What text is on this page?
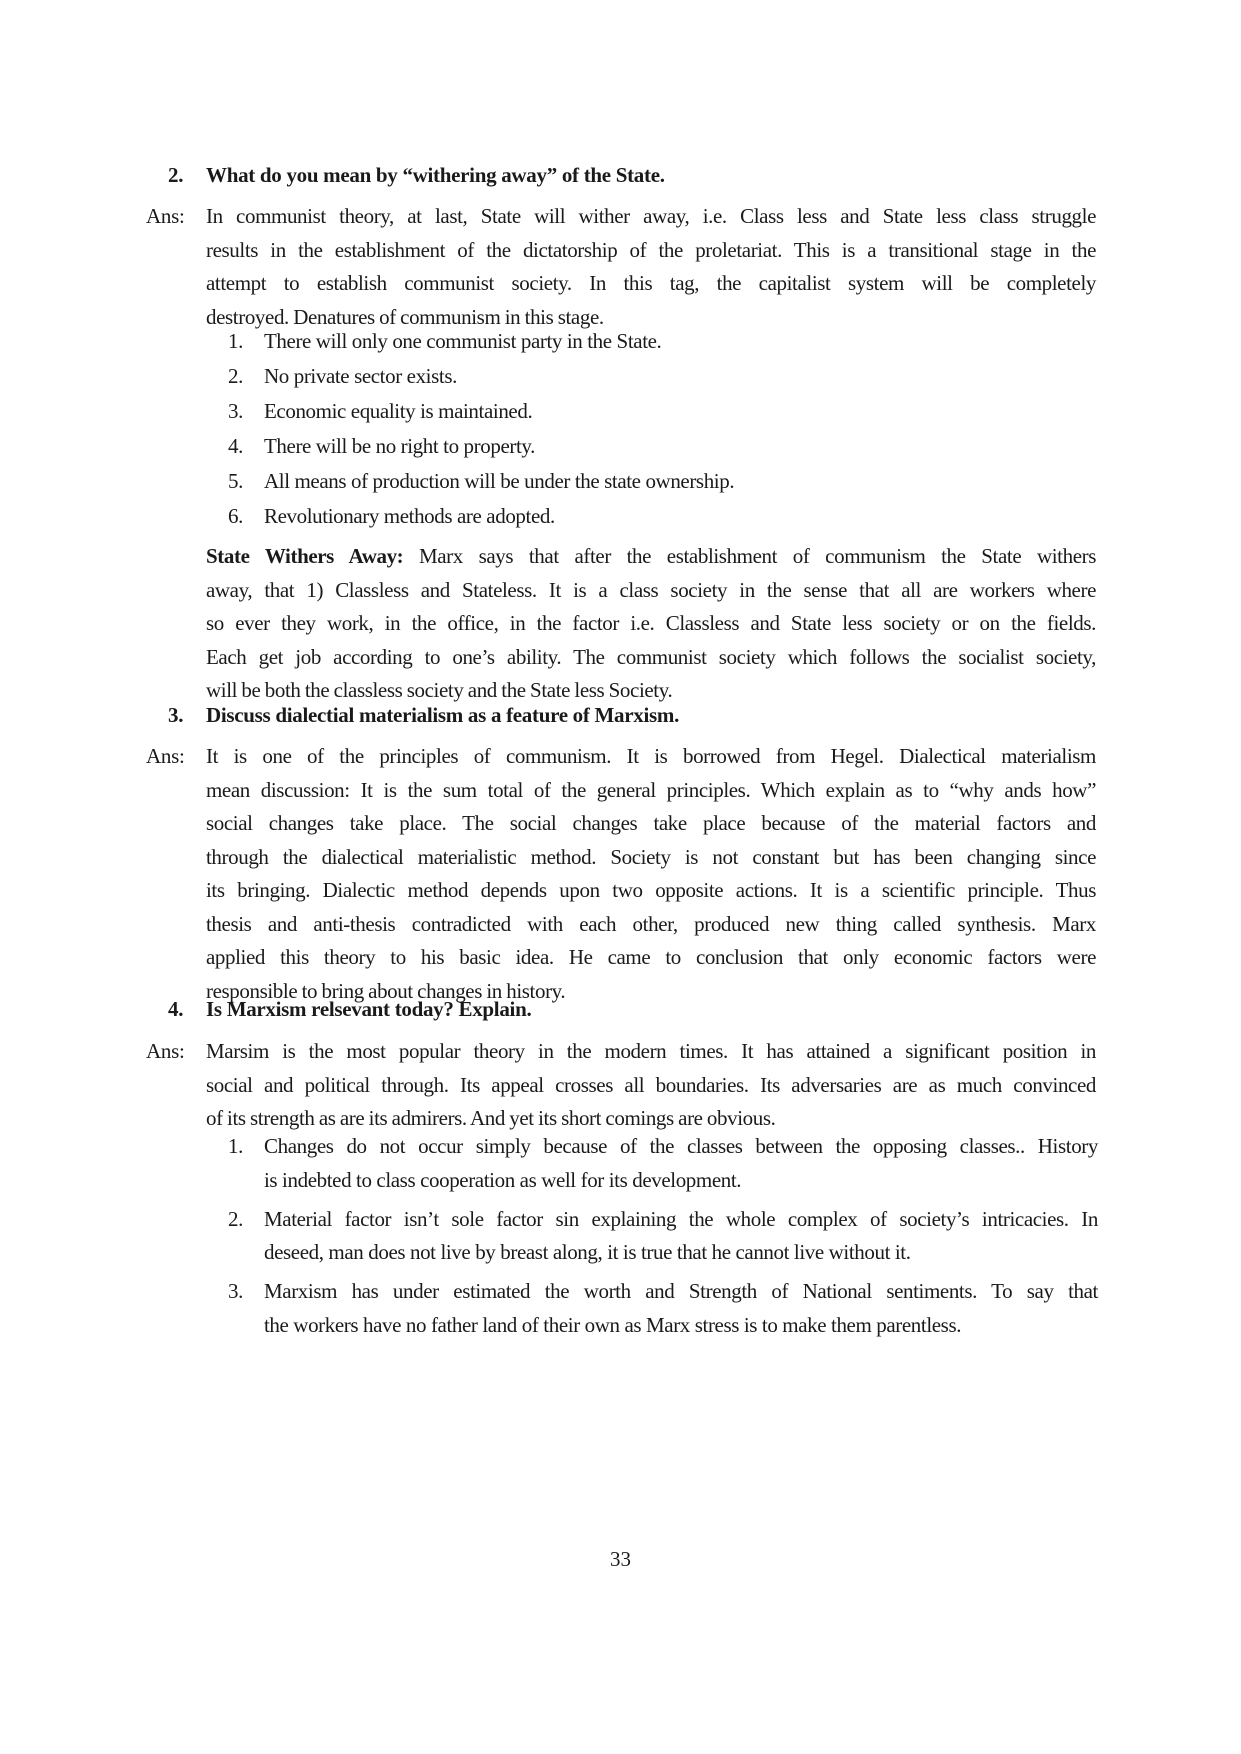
2. What do you mean by “withering away” of the State.
Ans: In communist theory, at last, State will wither away, i.e. Class less and State less class struggle
results in the establishment of the dictatorship of the proletariat. This is a transitional stage in the
attempt to establish communist society. In this tag, the capitalist system will be completely
destroyed. Denatures of communism in this stage.
1. There will only one communist party in the State.
2. No private sector exists.
3. Economic equality is maintained.
4. There will be no right to property.
5. All means of production will be under the state ownership.
6. Revolutionary methods are adopted.
State Withers Away: Marx says that after the establishment of communism the State withers
away, that 1) Classless and Stateless. It is a class society in the sense that all are workers where
so ever they work, in the office, in the factor i.e. Classless and State less society or on the fields.
Each get job according to one’s ability. The communist society which follows the socialist society,
will be both the classless society and the State less Society.
3. Discuss dialectial materialism as a feature of Marxism.
Ans: It is one of the principles of communism. It is borrowed from Hegel. Dialectical materialism
mean discussion: It is the sum total of the general principles. Which explain as to “why ands how”
social changes take place. The social changes take place because of the material factors and
through the dialectical materialistic method. Society is not constant but has been changing since
its bringing. Dialectic method depends upon two opposite actions. It is a scientific principle. Thus
thesis and anti-thesis contradicted with each other, produced new thing called synthesis. Marx
applied this theory to his basic idea. He came to conclusion that only economic factors were
responsible to bring about changes in history.
4. Is Marxism relsevant today? Explain.
Ans: Marsim is the most popular theory in the modern times. It has attained a significant position in
social and political through. Its appeal crosses all boundaries. Its adversaries are as much convinced
of its strength as are its admirers. And yet its short comings are obvious.
1. Changes do not occur simply because of the classes between the opposing classes.. History
is indebted to class cooperation as well for its development.
2. Material factor isn’t sole factor sin explaining the whole complex of society’s intricacies. In
deseed, man does not live by breast along, it is true that he cannot live without it.
3. Marxism has under estimated the worth and Strength of National sentiments. To say that
the workers have no father land of their own as Marx stress is to make them parentless.
33
